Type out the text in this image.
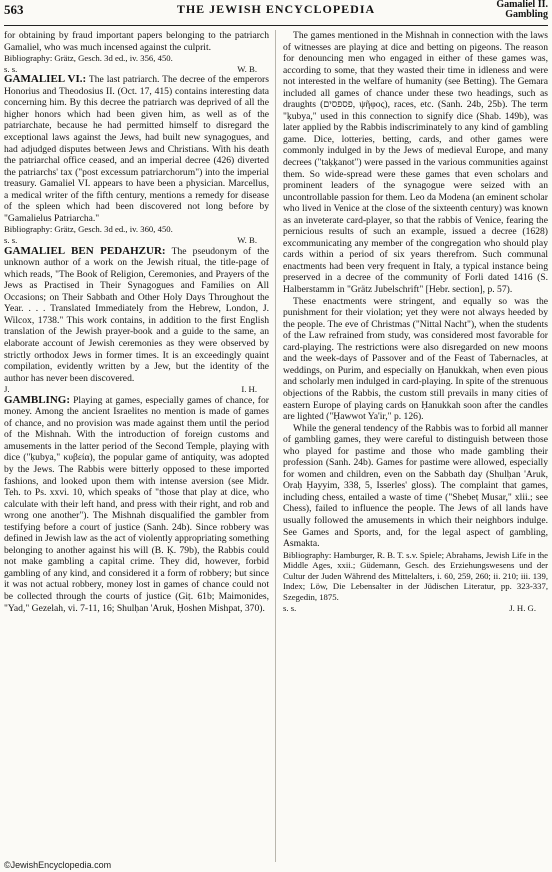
563	THE JEWISH ENCYCLOPEDIA	Gamaliel II.
Gambling

for obtaining by fraud important papers belonging to the patriarch Gamaliel, who was much incensed against the culprit.

Bibliography: Grätz, Gesch. 3d ed., iv. 356, 450.

s. s.	W. B.

GAMALIEL VI.: The last patriarch. The decree of the emperors Honorius and Theodosius II. (Oct. 17, 415) contains interesting data concerning him. By this decree the patriarch was deprived of all the higher honors which had been given him, as well as of the patriarchate, because he had permitted himself to disregard the exceptional laws against the Jews, had built new synagogues, and had adjudged disputes between Jews and Christians. With his death the patriarchal office ceased, and an imperial decree (426) diverted the patriarchs' tax ("post excessum patriarchorum") into the imperial treasury. Gamaliel VI. appears to have been a physician. Marcellus, a medical writer of the fifth century, mentions a remedy for disease of the spleen which had been discovered not long before by "Gamalielus Patriarcha."

Bibliography: Grätz, Gesch. 3d ed., iv. 360, 450.

s. s.	W. B.

GAMALIEL BEN PEDAHZUR: The pseudonym of the unknown author of a work on the Jewish ritual, the title-page of which reads, "The Book of Religion, Ceremonies, and Prayers of the Jews as Practised in Their Synagogues and Families on All Occasions; on Their Sabbath and Other Holy Days Throughout the Year. . . . Translated Immediately from the Hebrew, London, J. Wilcox, 1738." This work contains, in addition to the first English translation of the Jewish prayer-book and a guide to the same, an elaborate account of Jewish ceremonies as they were observed by strictly orthodox Jews in former times. It is an exceedingly quaint compilation, evidently written by a Jew, but the identity of the author has never been discovered.

J.	I. H.

GAMBLING: Playing at games, especially games of chance, for money. Among the ancient Israelites no mention is made of games of chance, and no provision was made against them until the period of the Mishnah. With the introduction of foreign customs and amusements in the latter period of the Second Temple, playing with dice ("ḳubya," κυβεία), the popular game of antiquity, was adopted by the Jews. The Rabbis were bitterly opposed to these imported fashions, and looked upon them with intense aversion (see Midr. Teh. to Ps. xxvi. 10, which speaks of "those that play at dice, who calculate with their left hand, and press with their right, and rob and wrong one another"). The Mishnah disqualified the gambler from testifying before a court of justice (Sanh. 24b). Since robbery was defined in Jewish law as the act of violently appropriating something belonging to another against his will (B. Ḳ. 79b), the Rabbis could not make gambling a capital crime. They did, however, forbid gambling of any kind, and considered it a form of robbery; but since it was not actual robbery, money lost in games of chance could not be collected through the courts of justice (Giṭ. 61b; Maimonides, "Yad," Gezelah, vi. 7-11, 16; Shulḥan 'Aruk, Ḥoshen Mishpat, 370).

The games mentioned in the Mishnah in connection with the laws of witnesses are playing at dice and betting on pigeons. The reason for denouncing men who engaged in either of these games was, according to some, that they wasted their time in idleness and were not interested in the welfare of humanity (see Betting). The Gemara included all games of chance under these two headings, such as draughts (פספסים, ψῆφος), races, etc. (Sanh. 24b, 25b). The term "ḳubya," used in this connection to signify dice (Shab. 149b), was later applied by the Rabbis indiscriminately to any kind of gambling game. Dice, lotteries, betting, cards, and other games were commonly indulged in by the Jews of medieval Europe, and many decrees ("taḳḳanot") were passed in the various communities against them. So wide-spread were these games that even scholars and prominent leaders of the synagogue were seized with an uncontrollable passion for them. Leo da Modena (an eminent scholar who lived in Venice at the close of the sixteenth century) was known as an inveterate card-player, so that the rabbis of Venice, fearing the pernicious results of such an example, issued a decree (1628) excommunicating any member of the congregation who should play cards within a period of six years therefrom. Such communal enactments had been very frequent in Italy, a typical instance being preserved in a decree of the community of Forli dated 1416 (S. Halberstamm in "Grätz Jubelschrift" [Hebr. section], p. 57).

These enactments were stringent, and equally so was the punishment for their violation; yet they were not always heeded by the people. The eve of Christmas ("Nittal Nacht"), when the students of the Law refrained from study, was considered most favorable for card-playing. The restrictions were also disregarded on new moons and the week-days of Passover and of the Feast of Tabernacles, at weddings, on Purim, and especially on Ḥanukkah, when even pious and scholarly men indulged in card-playing. In spite of the strenuous objections of the Rabbis, the custom still prevails in many cities of eastern Europe of playing cards on Ḥanukkah soon after the candles are lighted ("Ḥawwot Ya'ir," p. 126).

While the general tendency of the Rabbis was to forbid all manner of gambling games, they were careful to distinguish between those who played for pastime and those who made gambling their profession (Sanh. 24b). Games for pastime were allowed, especially for women and children, even on the Sabbath day (Shulḥan 'Aruk, Oraḥ Ḥayyim, 338, 5, Isserles' gloss). The complaint that games, including chess, entailed a waste of time ("Shebeṭ Musar," xlii.; see Chess), failed to influence the people. The Jews of all lands have usually followed the amusements in which their neighbors indulge. See Games and Sports, and, for the legal aspect of gambling, Asmakta.

Bibliography: Hamburger, R. B. T. s.v. Spiele; Abrahams, Jewish Life in the Middle Ages, xxii.; Güdemann, Gesch. des Erziehungswesens und der Cultur der Juden Während des Mittelalters, i. 60, 259, 260; ii. 210; iii. 139, Index; Löw, Die Lebensalter in der Jüdischen Literatur, pp. 323-337, Szegedin, 1875.

s. s.	J. H. G.
©JewishEncyclopedia.com
